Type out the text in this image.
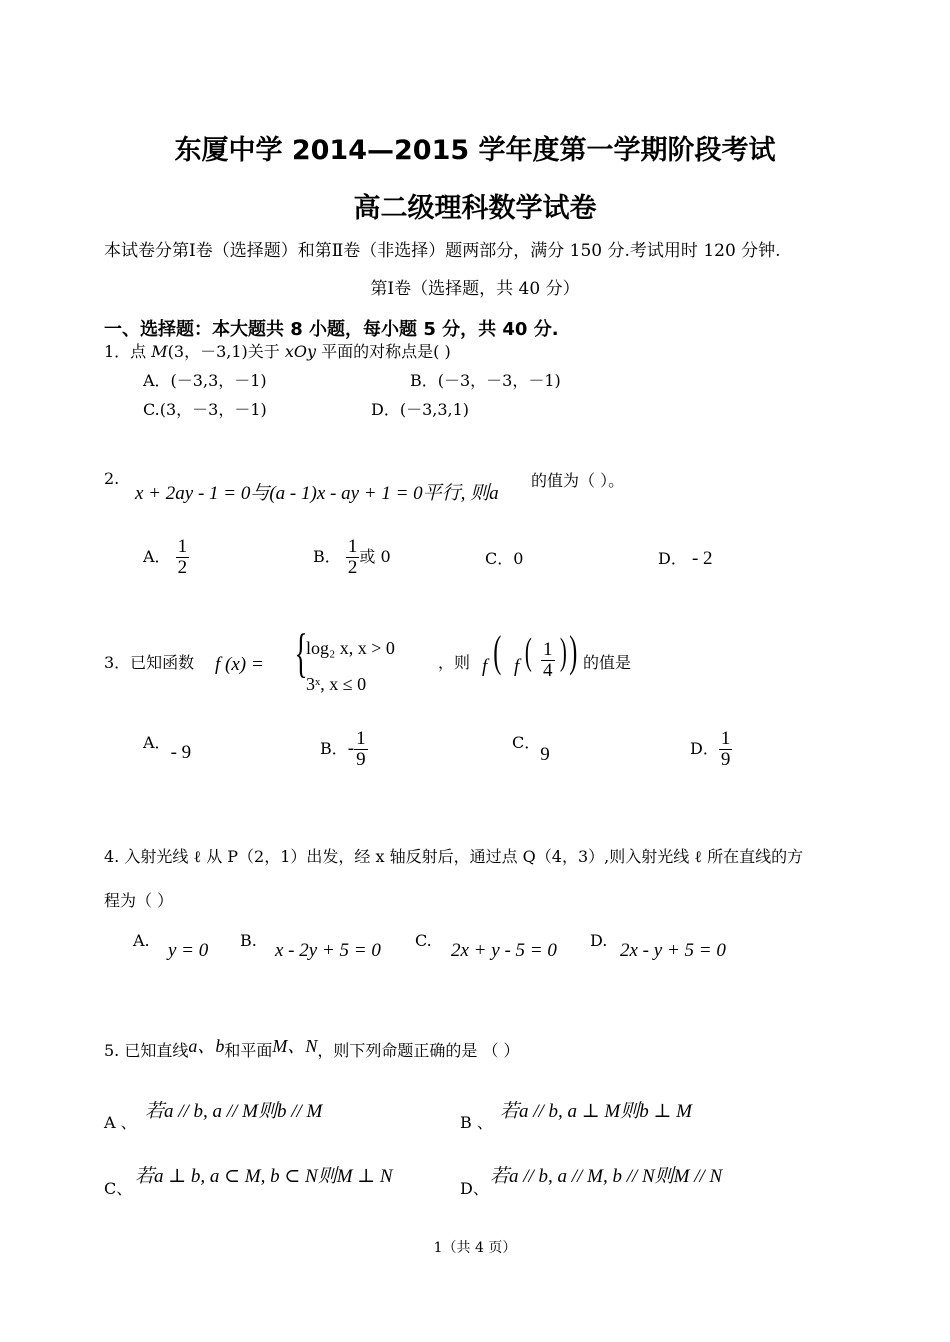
东厦中学 2014—2015 学年度第一学期阶段考试
高二级理科数学试卷
本试卷分第Ⅰ卷（选择题）和第Ⅱ卷（非选择）题两部分，满分 150 分.考试用时 120 分钟.
第Ⅰ卷（选择题，共 40 分）
一、选择题：本大题共 8 小题，每小题 5 分，共 40 分.
1．点 M(3，－3,1)关于 xOy 平面的对称点是( )
A．(－3,3，－1)	B．(－3，－3，－1)
C.(3，－3，－1)	D．(－3,3,1)
2.
x + 2ay - 1 = 0与(a - 1)x - ay + 1 = 0平行, 则a
的值为（ ）。
A． $\frac{1}{2}$	B． $\frac{1}{2}$ 或 0	C．0	D． - 2
3．已知函数 f (x) = {
log₂ x, x > 0
3ˣ, x ≤ 0
，则 f ( f ( $\frac{1}{4}$ ) ) 的值是
A．- 9	B．- $\frac{1}{9}$	C．9	D． $\frac{1}{9}$
4. 入射光线 ℓ 从 P（2，1）出发，经 x 轴反射后，通过点 Q（4，3）,则入射光线 ℓ 所在直线的方
程为（ ）
A. y = 0 B. x - 2y + 5 = 0 C. 2x + y - 5 = 0 D. 2x - y + 5 = 0
5. 已知直线a、b和平面M、N，则下列命题正确的是 （ ）
A 、
若a // b, a // M则b // M
B 、
若a // b, a ⊥ M则b ⊥ M
C、
若a ⊥ b, a ⊂ M, b ⊂ N则M ⊥ N
D、
若a // b, a // M, b // N则M // N
1（共 4 页）
